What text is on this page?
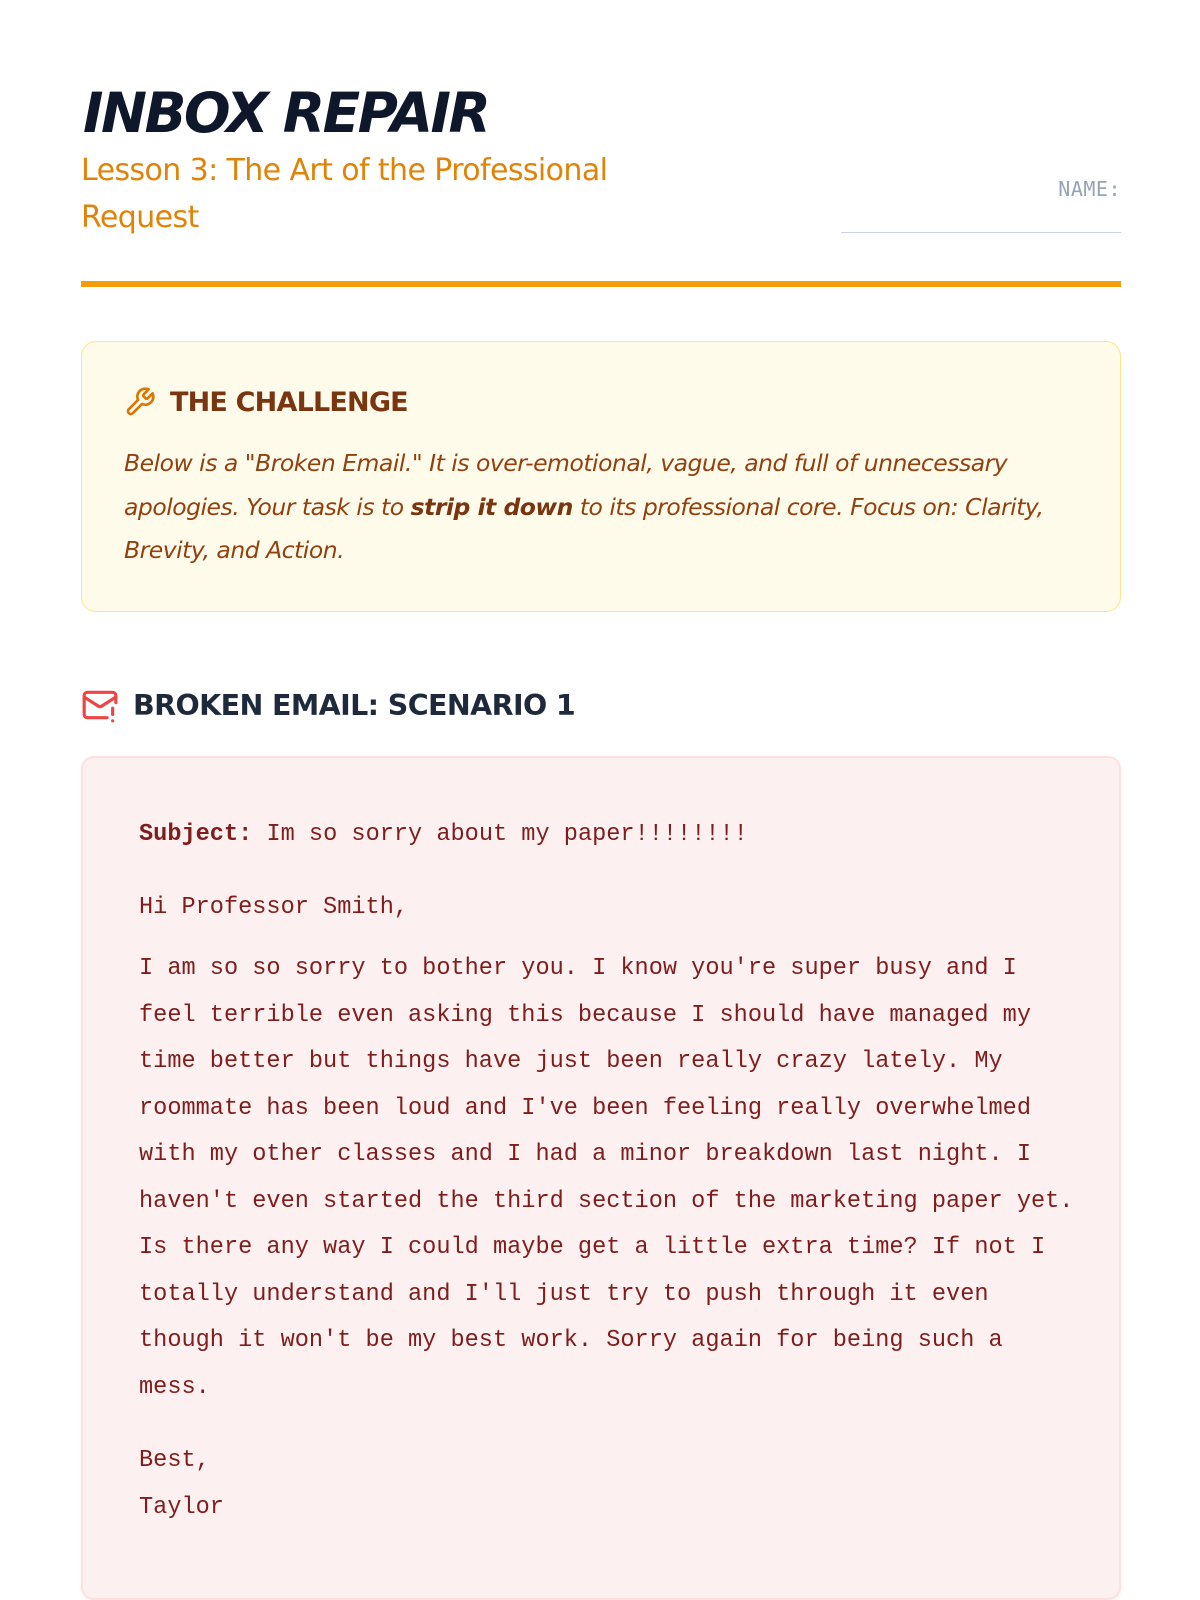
INBOX REPAIR
Lesson 3: The Art of the Professional Request
NAME:
THE CHALLENGE

Below is a "Broken Email." It is over-emotional, vague, and full of unnecessary apologies. Your task is to strip it down to its professional core. Focus on: Clarity, Brevity, and Action.

BROKEN EMAIL: SCENARIO 1
Subject: Im so sorry about my paper!!!!!!!!
Hi Professor Smith,

I am so so sorry to bother you. I know you're super busy and I feel terrible even asking this because I should have managed my time better but things have just been really crazy lately. My roommate has been loud and I've been feeling really overwhelmed with my other classes and I had a minor breakdown last night. I haven't even started the third section of the marketing paper yet. Is there any way I could maybe get a little extra time? If not I totally understand and I'll just try to push through it even though it won't be my best work. Sorry again for being such a mess.

Best,
Taylor
